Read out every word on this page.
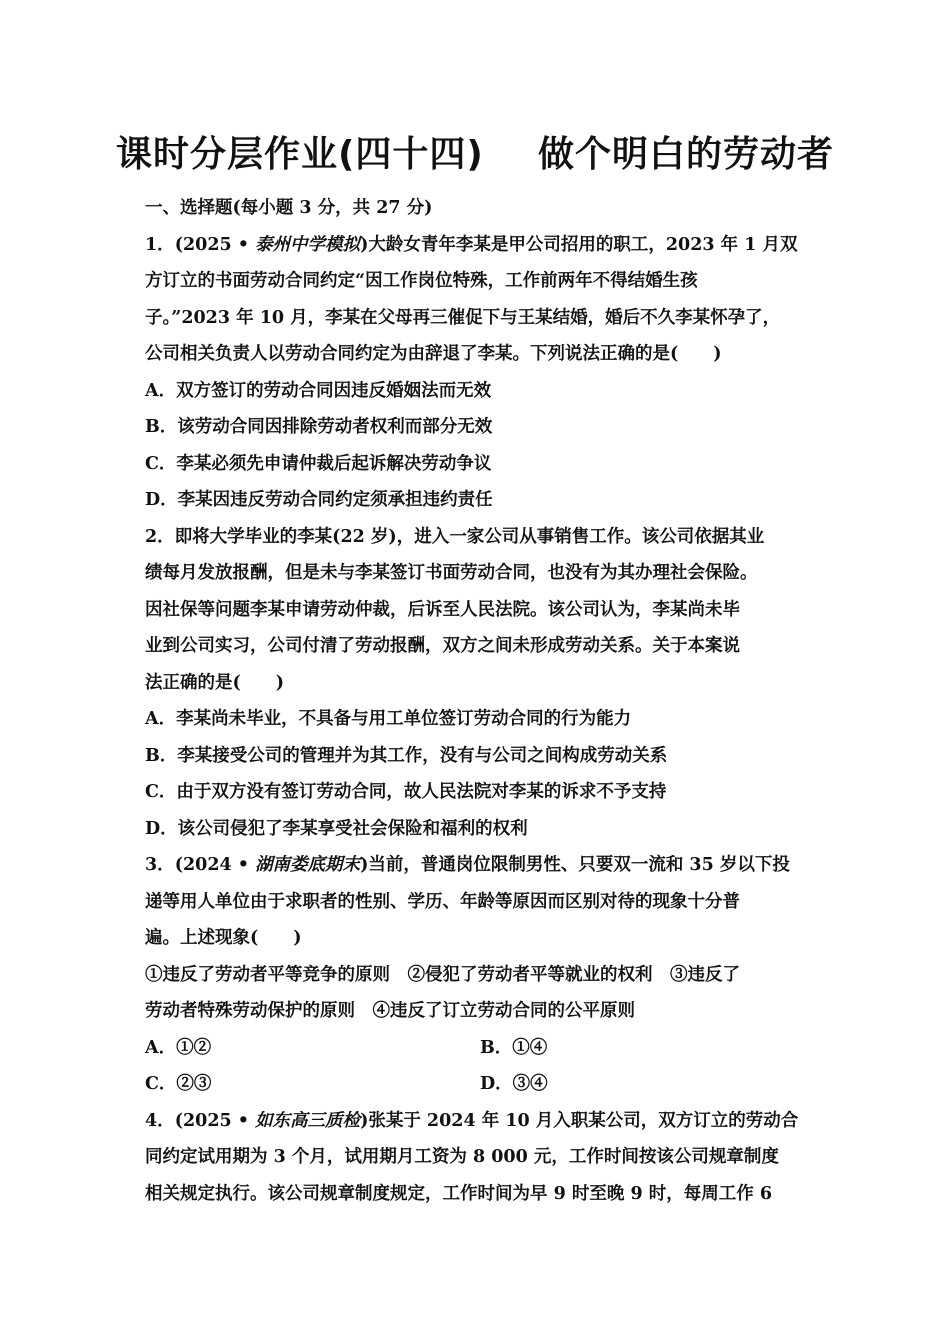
课时分层作业(四十四)    做个明白的劳动者
一、选择题(每小题 3 分，共 27 分)
1．(2025 • 泰州中学模拟)大龄女青年李某是甲公司招用的职工，2023 年 1 月双
方订立的书面劳动合同约定“因工作岗位特殊，工作前两年不得结婚生孩
子。”2023 年 10 月，李某在父母再三催促下与王某结婚，婚后不久李某怀孕了，
公司相关负责人以劳动合同约定为由辞退了李某。下列说法正确的是(　　)
A．双方签订的劳动合同因违反婚姻法而无效
B．该劳动合同因排除劳动者权利而部分无效
C．李某必须先申请仲裁后起诉解决劳动争议
D．李某因违反劳动合同约定须承担违约责任
2．即将大学毕业的李某(22 岁)，进入一家公司从事销售工作。该公司依据其业
绩每月发放报酬，但是未与李某签订书面劳动合同，也没有为其办理社会保险。
因社保等问题李某申请劳动仲裁，后诉至人民法院。该公司认为，李某尚未毕
业到公司实习，公司付清了劳动报酬，双方之间未形成劳动关系。关于本案说
法正确的是(　　)
A．李某尚未毕业，不具备与用工单位签订劳动合同的行为能力
B．李某接受公司的管理并为其工作，没有与公司之间构成劳动关系
C．由于双方没有签订劳动合同，故人民法院对李某的诉求不予支持
D．该公司侵犯了李某享受社会保险和福利的权利
3．(2024 • 湖南娄底期末)当前，普通岗位限制男性、只要双一流和 35 岁以下投
递等用人单位由于求职者的性别、学历、年龄等原因而区别对待的现象十分普
遍。上述现象(　　)
①违反了劳动者平等竞争的原则　②侵犯了劳动者平等就业的权利　③违反了
劳动者特殊劳动保护的原则　④违反了订立劳动合同的公平原则
A．①②	B．①④
C．②③	D．③④
4．(2025 • 如东高三质检)张某于 2024 年 10 月入职某公司，双方订立的劳动合
同约定试用期为 3 个月，试用期月工资为 8 000 元，工作时间按该公司规章制度
相关规定执行。该公司规章制度规定，工作时间为早 9 时至晚 9 时，每周工作 6
